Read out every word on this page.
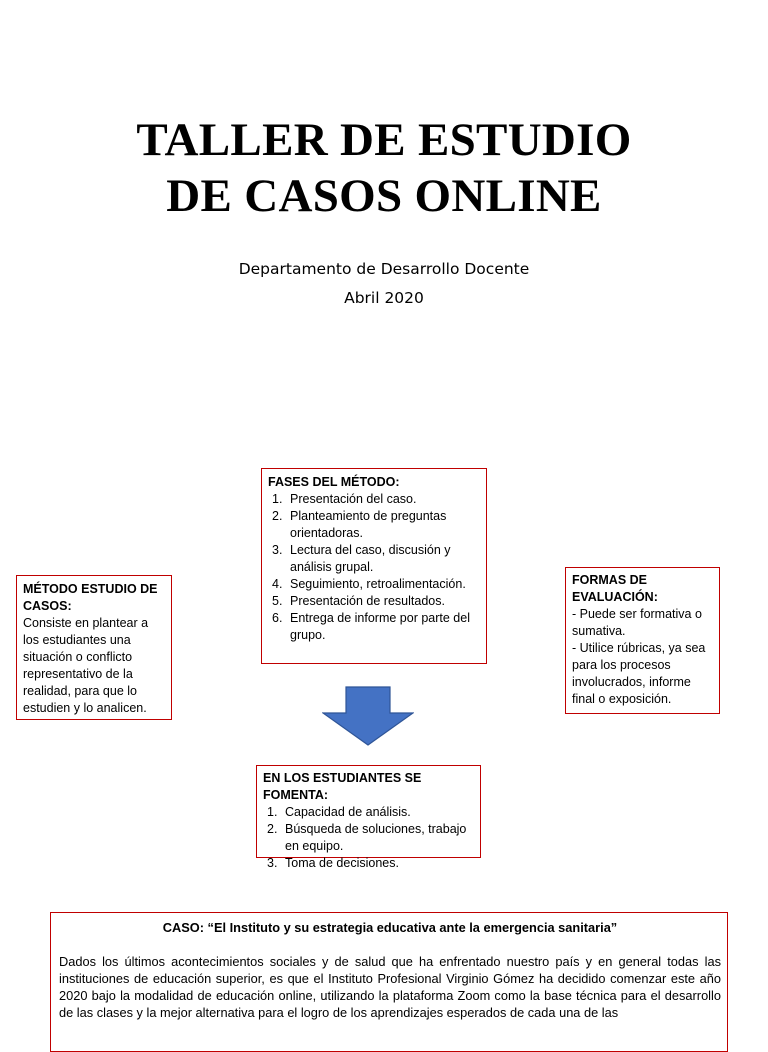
TALLER DE ESTUDIO
DE CASOS ONLINE
Departamento de Desarrollo Docente
Abril 2020
FASES DEL MÉTODO:
1. Presentación del caso.
2. Planteamiento de preguntas orientadoras.
3. Lectura del caso, discusión y análisis grupal.
4. Seguimiento, retroalimentación.
5. Presentación de resultados.
6. Entrega de informe por parte del grupo.
MÉTODO ESTUDIO DE CASOS:

Consiste en plantear a los estudiantes una situación o conflicto representativo de la realidad, para que lo estudien y lo analicen.

FORMAS DE EVALUACIÓN:

- Puede ser formativa o sumativa.

- Utilice rúbricas, ya sea para los procesos involucrados, informe final o exposición.

EN LOS ESTUDIANTES SE FOMENTA:
1. Capacidad de análisis.
2. Búsqueda de soluciones, trabajo en equipo.
3. Toma de decisiones.
CASO: “El Instituto y su estrategia educativa ante la emergencia sanitaria”
Dados los últimos acontecimientos sociales y de salud que ha enfrentado nuestro país y en general todas las instituciones de educación superior, es que el Instituto Profesional Virginio Gómez ha decidido comenzar este año 2020 bajo la modalidad de educación online, utilizando la plataforma Zoom como la base técnica para el desarrollo de las clases y la mejor alternativa para el logro de los aprendizajes esperados de cada una de las
